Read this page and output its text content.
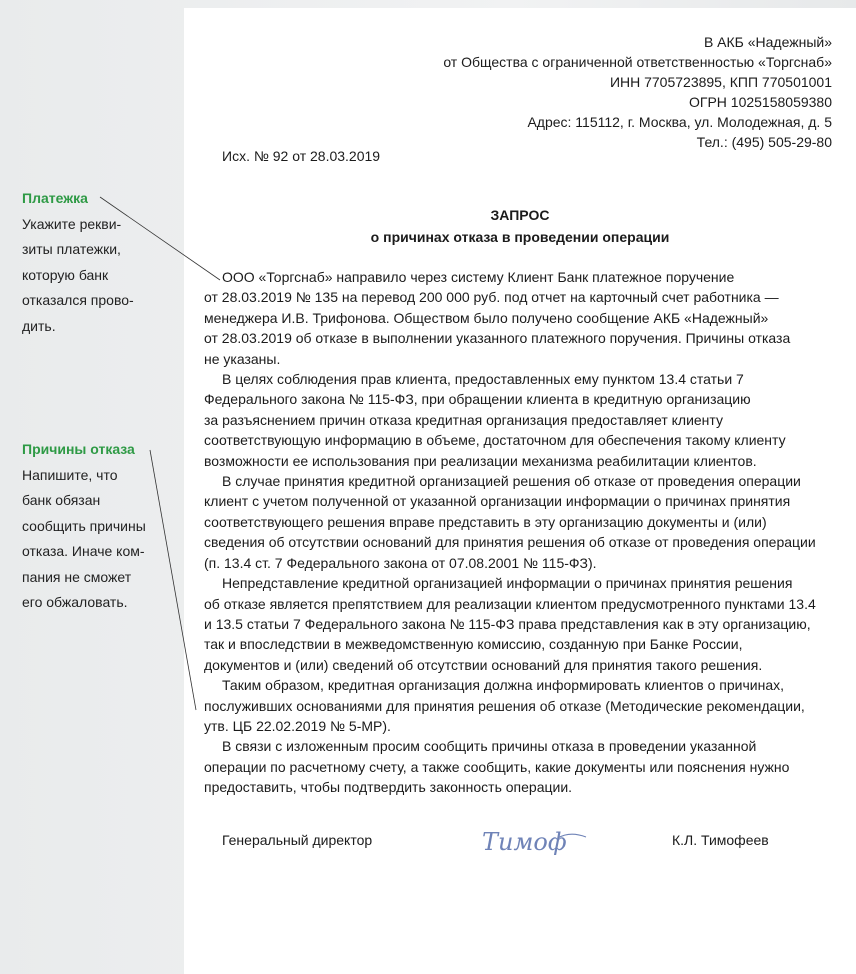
В АКБ «Надежный»
от Общества с ограниченной ответственностью «Торгснаб»
ИНН 7705723895, КПП 770501001
ОГРН 1025158059380
Адрес: 115112, г. Москва, ул. Молодежная, д. 5
Тел.: (495) 505-29-80
Исх. № 92 от 28.03.2019
ЗАПРОС
о причинах отказа в проведении операции

ООО «Торгснаб» направило через систему Клиент Банк платежное поручение

от 28.03.2019 № 135 на перевод 200 000 руб. под отчет на карточный счет работника —

менеджера И.В. Трифонова. Обществом было получено сообщение АКБ «Надежный»

от 28.03.2019 об отказе в выполнении указанного платежного поручения. Причины отказа

не указаны.

В целях соблюдения прав клиента, предоставленных ему пунктом 13.4 статьи 7

Федерального закона № 115-ФЗ, при обращении клиента в кредитную организацию

за разъяснением причин отказа кредитная организация предоставляет клиенту

соответствующую информацию в объеме, достаточном для обеспечения такому клиенту

возможности ее использования при реализации механизма реабилитации клиентов.

В случае принятия кредитной организацией решения об отказе от проведения операции

клиент с учетом полученной от указанной организации информации о причинах принятия

соответствующего решения вправе представить в эту организацию документы и (или)

сведения об отсутствии оснований для принятия решения об отказе от проведения операции

(п. 13.4 ст. 7 Федерального закона от 07.08.2001 № 115-ФЗ).

Непредставление кредитной организацией информации о причинах принятия решения

об отказе является препятствием для реализации клиентом предусмотренного пунктами 13.4

и 13.5 статьи 7 Федерального закона № 115-ФЗ права представления как в эту организацию,

так и впоследствии в межведомственную комиссию, созданную при Банке России,

документов и (или) сведений об отсутствии оснований для принятия такого решения.

Таким образом, кредитная организация должна информировать клиентов о причинах,

послуживших основаниями для принятия решения об отказе (Методические рекомендации,

утв. ЦБ 22.02.2019 № 5-МР).

В связи с изложенным просим сообщить причины отказа в проведении указанной

операции по расчетному счету, а также сообщить, какие документы или пояснения нужно

предоставить, чтобы подтвердить законность операции.

Генеральный директор	Тимоф	К.Л. Тимофеев
Платежка
Укажите рекви-
зиты платежки,
которую банк
отказался прово-
дить.
Причины отказа
Напишите, что
банк обязан
сообщить причины
отказа. Иначе ком-
пания не сможет
его обжаловать.
